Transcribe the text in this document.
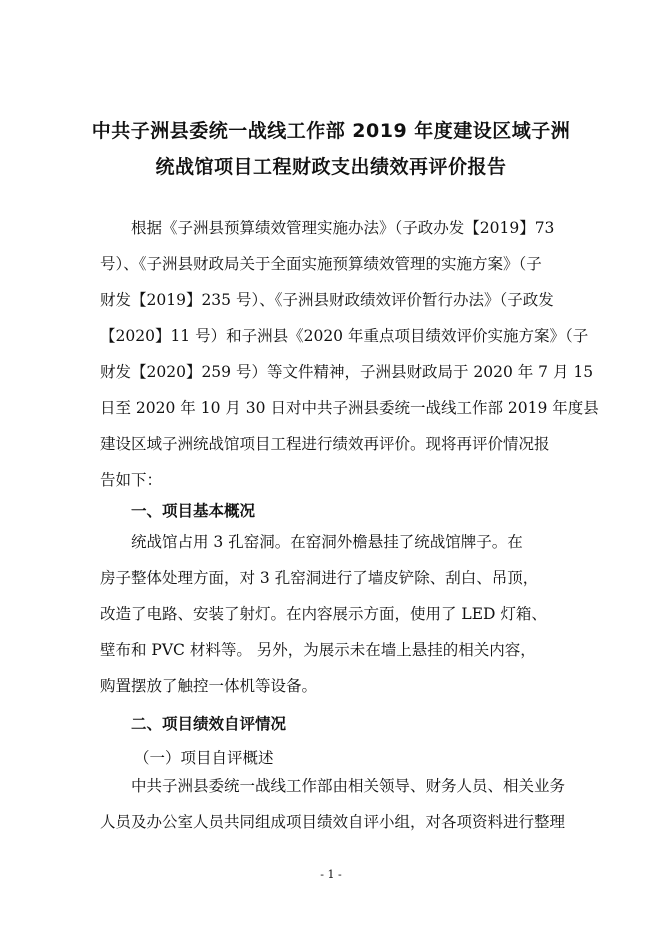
中共子洲县委统一战线工作部 2019 年度建设区域子洲
统战馆项目工程财政支出绩效再评价报告
根据《子洲县预算绩效管理实施办法》（子政办发【2019】73
号）、《子洲县财政局关于全面实施预算绩效管理的实施方案》（子
财发【2019】235 号）、《子洲县财政绩效评价暂行办法》（子政发
【2020】11 号）和子洲县《2020 年重点项目绩效评价实施方案》（子
财发【2020】259 号）等文件精神，子洲县财政局于 2020 年 7 月 15
日至 2020 年 10 月 30 日对中共子洲县委统一战线工作部 2019 年度县
建设区域子洲统战馆项目工程进行绩效再评价。现将再评价情况报
告如下：
一、项目基本概况
统战馆占用 3 孔窑洞。在窑洞外檐悬挂了统战馆牌子。在
房子整体处理方面，对 3 孔窑洞进行了墙皮铲除、刮白、吊顶，
改造了电路、安装了射灯。在内容展示方面，使用了 LED 灯箱、
壁布和 PVC 材料等。 另外，为展示未在墙上悬挂的相关内容，
购置摆放了触控一体机等设备。
二、项目绩效自评情况
（一）项目自评概述
中共子洲县委统一战线工作部由相关领导、财务人员、相关业务
人员及办公室人员共同组成项目绩效自评小组，对各项资料进行整理
- 1 -
